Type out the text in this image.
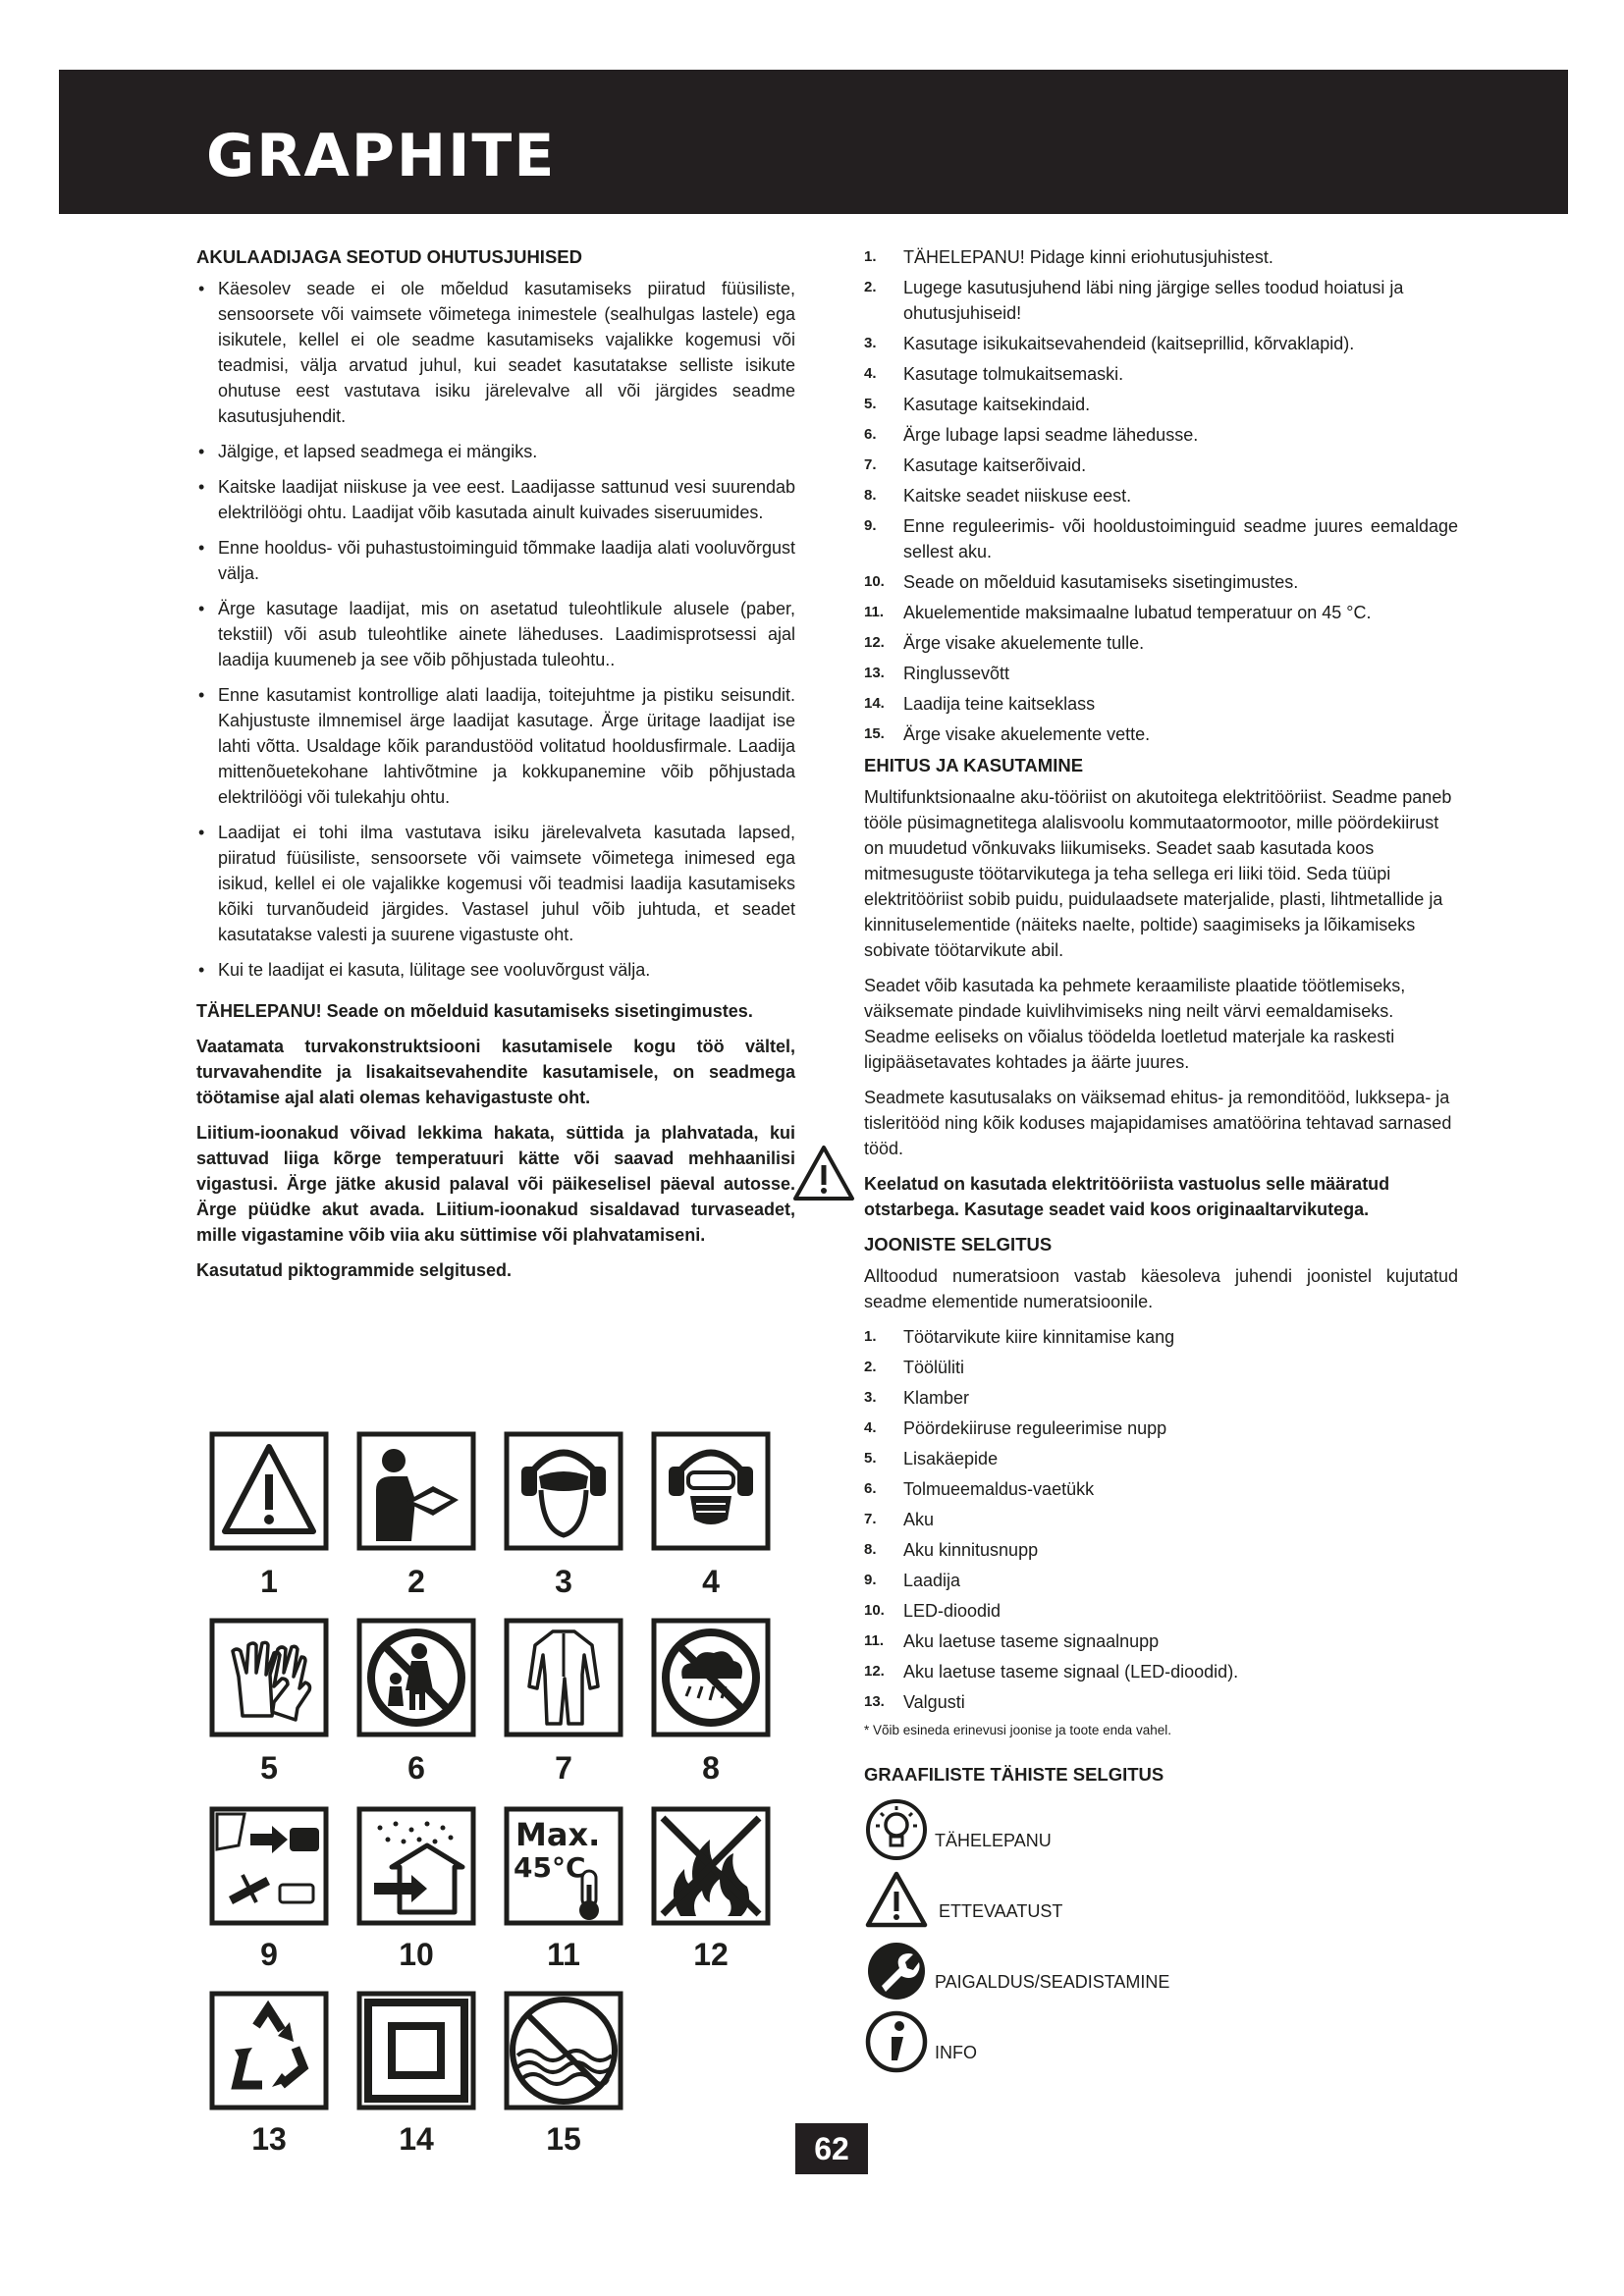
GRAPHITE
AKULAADIJAGA SEOTUD OHUTUSJUHISED
• Käesolev seade ei ole mõeldud kasutamiseks piiratud füüsiliste, sensoorsete või vaimsete võimetega inimestele (sealhulgas lastele) ega isikutele, kellel ei ole seadme kasutamiseks vajalikke kogemusi või teadmisi, välja arvatud juhul, kui seadet kasutatakse selliste isikute ohutuse eest vastutava isiku järelevalve all või järgides seadme kasutusjuhendit.
• Jälgige, et lapsed seadmega ei mängiks.
• Kaitske laadijat niiskuse ja vee eest. Laadijasse sattunud vesi suurendab elektrilöögi ohtu. Laadijat võib kasutada ainult kuivades siseruumides.
• Enne hooldus- või puhastustoiminguid tõmmake laadija alati vooluvõrgust välja.
• Ärge kasutage laadijat, mis on asetatud tuleohtlikule alusele (paber, tekstiil) või asub tuleohtlike ainete läheduses. Laadimisprotsessi ajal laadija kuumeneb ja see võib põhjustada tuleohtu..
• Enne kasutamist kontrollige alati laadija, toitejuhtme ja pistiku seisundit. Kahjustuste ilmnemisel ärge laadijat kasutage. Ärge üritage laadijat ise lahti võtta. Usaldage kõik parandustööd volitatud hooldusfirmale. Laadija mittenõuetekohane lahtivõtmine ja kokkupanemine võib põhjustada elektrilöögi või tulekahju ohtu.
• Laadijat ei tohi ilma vastutava isiku järelevalveta kasutada lapsed, piiratud füüsiliste, sensoorsete või vaimsete võimetega inimesed ega isikud, kellel ei ole vajalikke kogemusi või teadmisi laadija kasutamiseks kõiki turvanõudeid järgides. Vastasel juhul võib juhtuda, et seadet kasutatakse valesti ja suurene vigastuste oht.
• Kui te laadijat ei kasuta, lülitage see vooluvõrgust välja.

TÄHELEPANU! Seade on mõelduid kasutamiseks sisetingimustes.

Vaatamata turvakonstruktsiooni kasutamisele kogu töö vältel, turvavahendite ja lisakaitsevahendite kasutamisele, on seadmega töötamise ajal alati olemas kehavigastuste oht.

Liitium-ioonakud võivad lekkima hakata, süttida ja plahvatada, kui sattuvad liiga kõrge temperatuuri kätte või saavad mehhaanilisi vigastusi. Ärge jätke akusid palaval või päikeselisel päeval autosse. Ärge püüdke akut avada. Liitium-ioonakud sisaldavad turvaseadet, mille vigastamine võib viia aku süttimise või plahvatamiseni.

Kasutatud piktogrammide selgitused.

1	2	3	4
5	6	7	8
Max.
45°C
9	10	11	12
13	14	15
1. TÄHELEPANU! Pidage kinni eriohutusjuhistest.
2. Lugege kasutusjuhend läbi ning järgige selles toodud hoiatusi ja ohutusjuhiseid!
3. Kasutage isikukaitsevahendeid (kaitseprillid, kõrvaklapid).
4. Kasutage tolmukaitsemaski.
5. Kasutage kaitsekindaid.
6. Ärge lubage lapsi seadme lähedusse.
7. Kasutage kaitserõivaid.
8. Kaitske seadet niiskuse eest.
9. Enne reguleerimis- või hooldustoiminguid seadme juures eemaldage sellest aku.
10. Seade on mõelduid kasutamiseks sisetingimustes.
11. Akuelementide maksimaalne lubatud temperatuur on 45 °C.
12. Ärge visake akuelemente tulle.
13. Ringlussevõtt
14. Laadija teine kaitseklass
15. Ärge visake akuelemente vette.
EHITUS JA KASUTAMINE

Multifunktsionaalne aku-tööriist on akutoitega elektritööriist. Seadme paneb tööle püsimagnetitega alalisvoolu kommutaatormootor, mille pöördekiirust on muudetud võnkuvaks liikumiseks. Seadet saab kasutada koos mitmesuguste töötarvikutega ja teha sellega eri liiki töid. Seda tüüpi elektritööriist sobib puidu, puidulaadsete materjalide, plasti, lihtmetallide ja kinnituselementide (näiteks naelte, poltide) saagimiseks ja lõikamiseks sobivate töötarvikute abil.

Seadet võib kasutada ka pehmete keraamiliste plaatide töötlemiseks, väiksemate pindade kuivlihvimiseks ning neilt värvi eemaldamiseks. Seadme eeliseks on võialus töödelda loetletud materjale ka raskesti ligipääsetavates kohtades ja äärte juures.

Seadmete kasutusalaks on väiksemad ehitus- ja remonditööd, lukksepa- ja tisleritööd ning kõik koduses majapidamises amatöörina tehtavad sarnased tööd.

Keelatud on kasutada elektritööriista vastuolus selle määratud otstarbega. Kasutage seadet vaid koos originaaltarvikutega.

JOONISTE SELGITUS

Alltoodud numeratsioon vastab käesoleva juhendi joonistel kujutatud seadme elementide numeratsioonile.

1. Töötarvikute kiire kinnitamise kang
2. Töölüliti
3. Klamber
4. Pöördekiiruse reguleerimise nupp
5. Lisakäepide
6. Tolmueemaldus-vaetükk
7. Aku
8. Aku kinnitusnupp
9. Laadija
10. LED-dioodid
11. Aku laetuse taseme signaalnupp
12. Aku laetuse taseme signaal (LED-dioodid).
13. Valgusti
* Võib esineda erinevusi joonise ja toote enda vahel.
GRAAFILISTE TÄHISTE SELGITUS
TÄHELEPANU
ETTEVAATUST
PAIGALDUS/SEADISTAMINE
INFO
62
